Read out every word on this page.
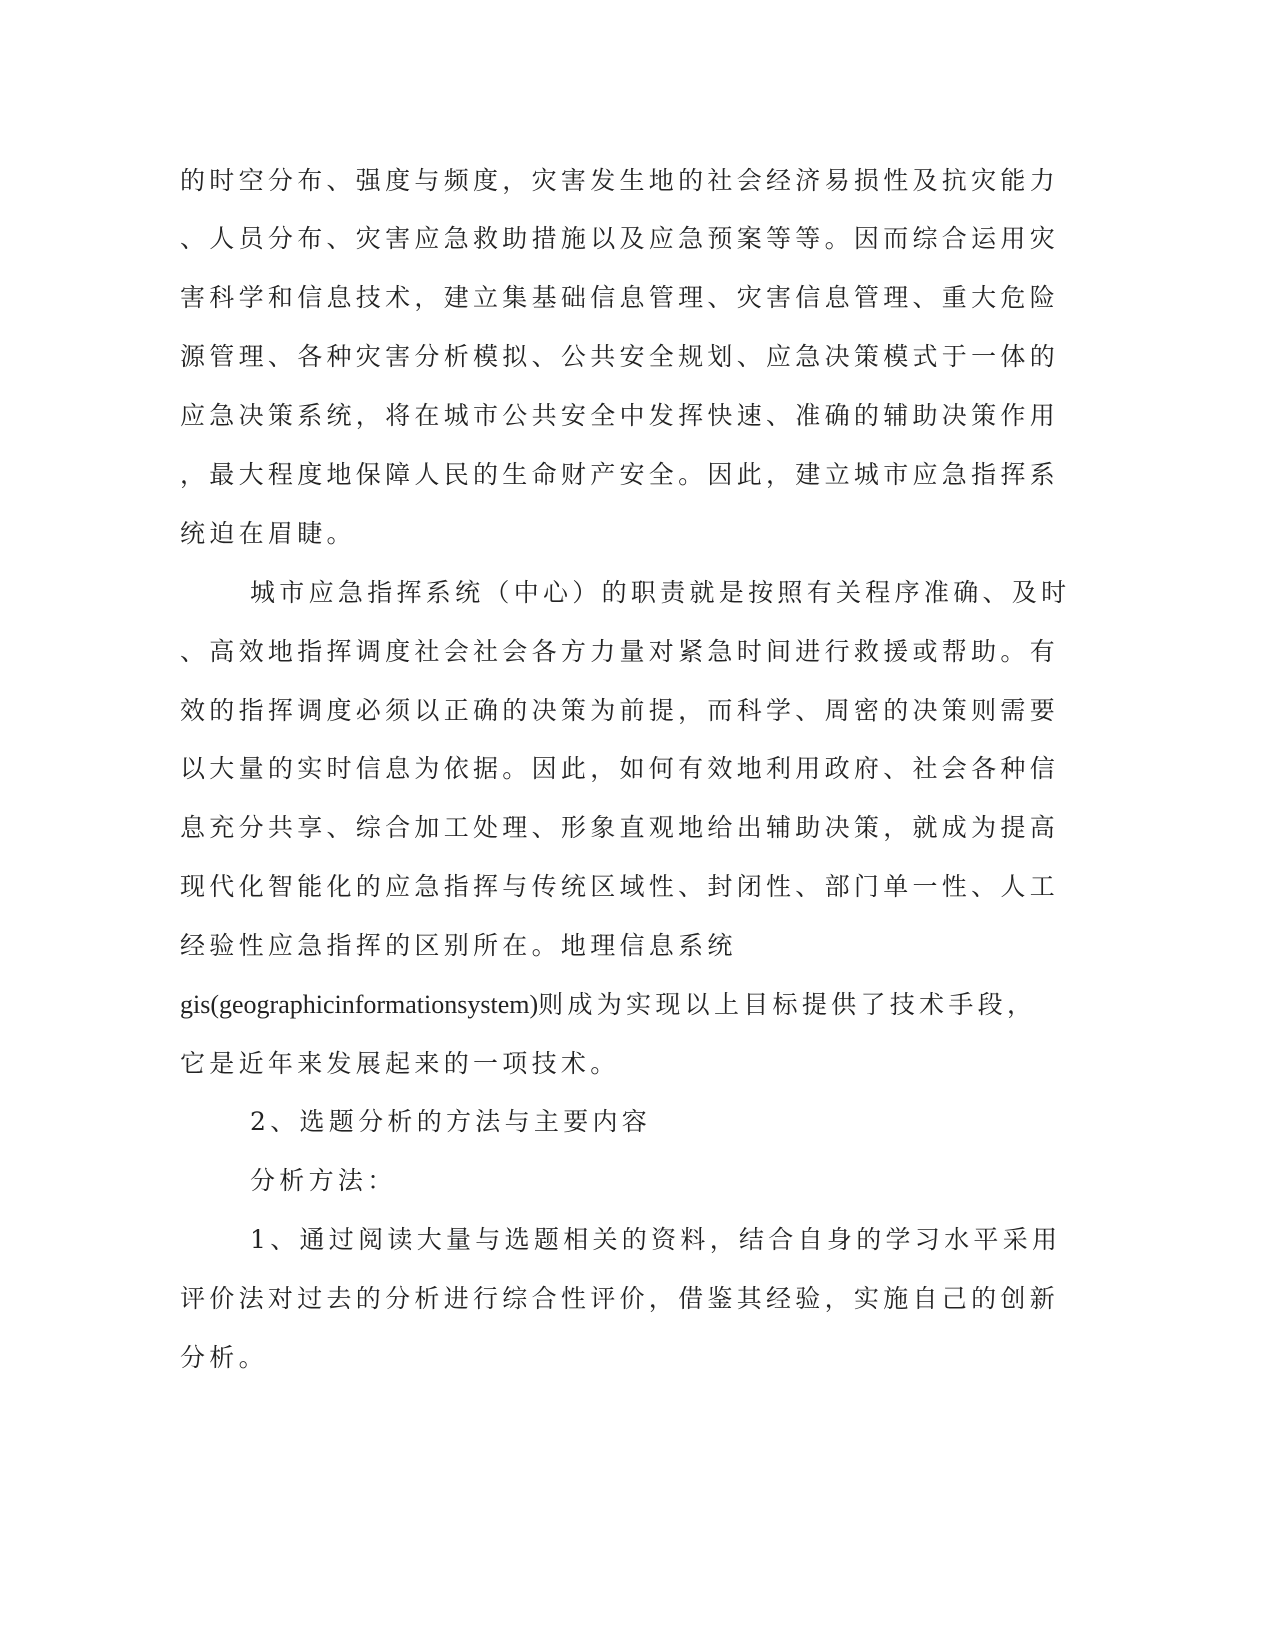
的时空分布、强度与频度，灾害发生地的社会经济易损性及抗灾能力
、人员分布、灾害应急救助措施以及应急预案等等。因而综合运用灾
害科学和信息技术，建立集基础信息管理、灾害信息管理、重大危险
源管理、各种灾害分析模拟、公共安全规划、应急决策模式于一体的
应急决策系统，将在城市公共安全中发挥快速、准确的辅助决策作用
，最大程度地保障人民的生命财产安全。因此，建立城市应急指挥系
统迫在眉睫。
城市应急指挥系统（中心）的职责就是按照有关程序准确、及时
、高效地指挥调度社会社会各方力量对紧急时间进行救援或帮助。有
效的指挥调度必须以正确的决策为前提，而科学、周密的决策则需要
以大量的实时信息为依据。因此，如何有效地利用政府、社会各种信
息充分共享、综合加工处理、形象直观地给出辅助决策，就成为提高
现代化智能化的应急指挥与传统区域性、封闭性、部门单一性、人工
经验性应急指挥的区别所在。地理信息系统
gis(geographicinformationsystem)则成为实现以上目标提供了技术手段，
它是近年来发展起来的一项技术。
2、选题分析的方法与主要内容
分析方法：
1、通过阅读大量与选题相关的资料，结合自身的学习水平采用
评价法对过去的分析进行综合性评价，借鉴其经验，实施自己的创新
分析。
